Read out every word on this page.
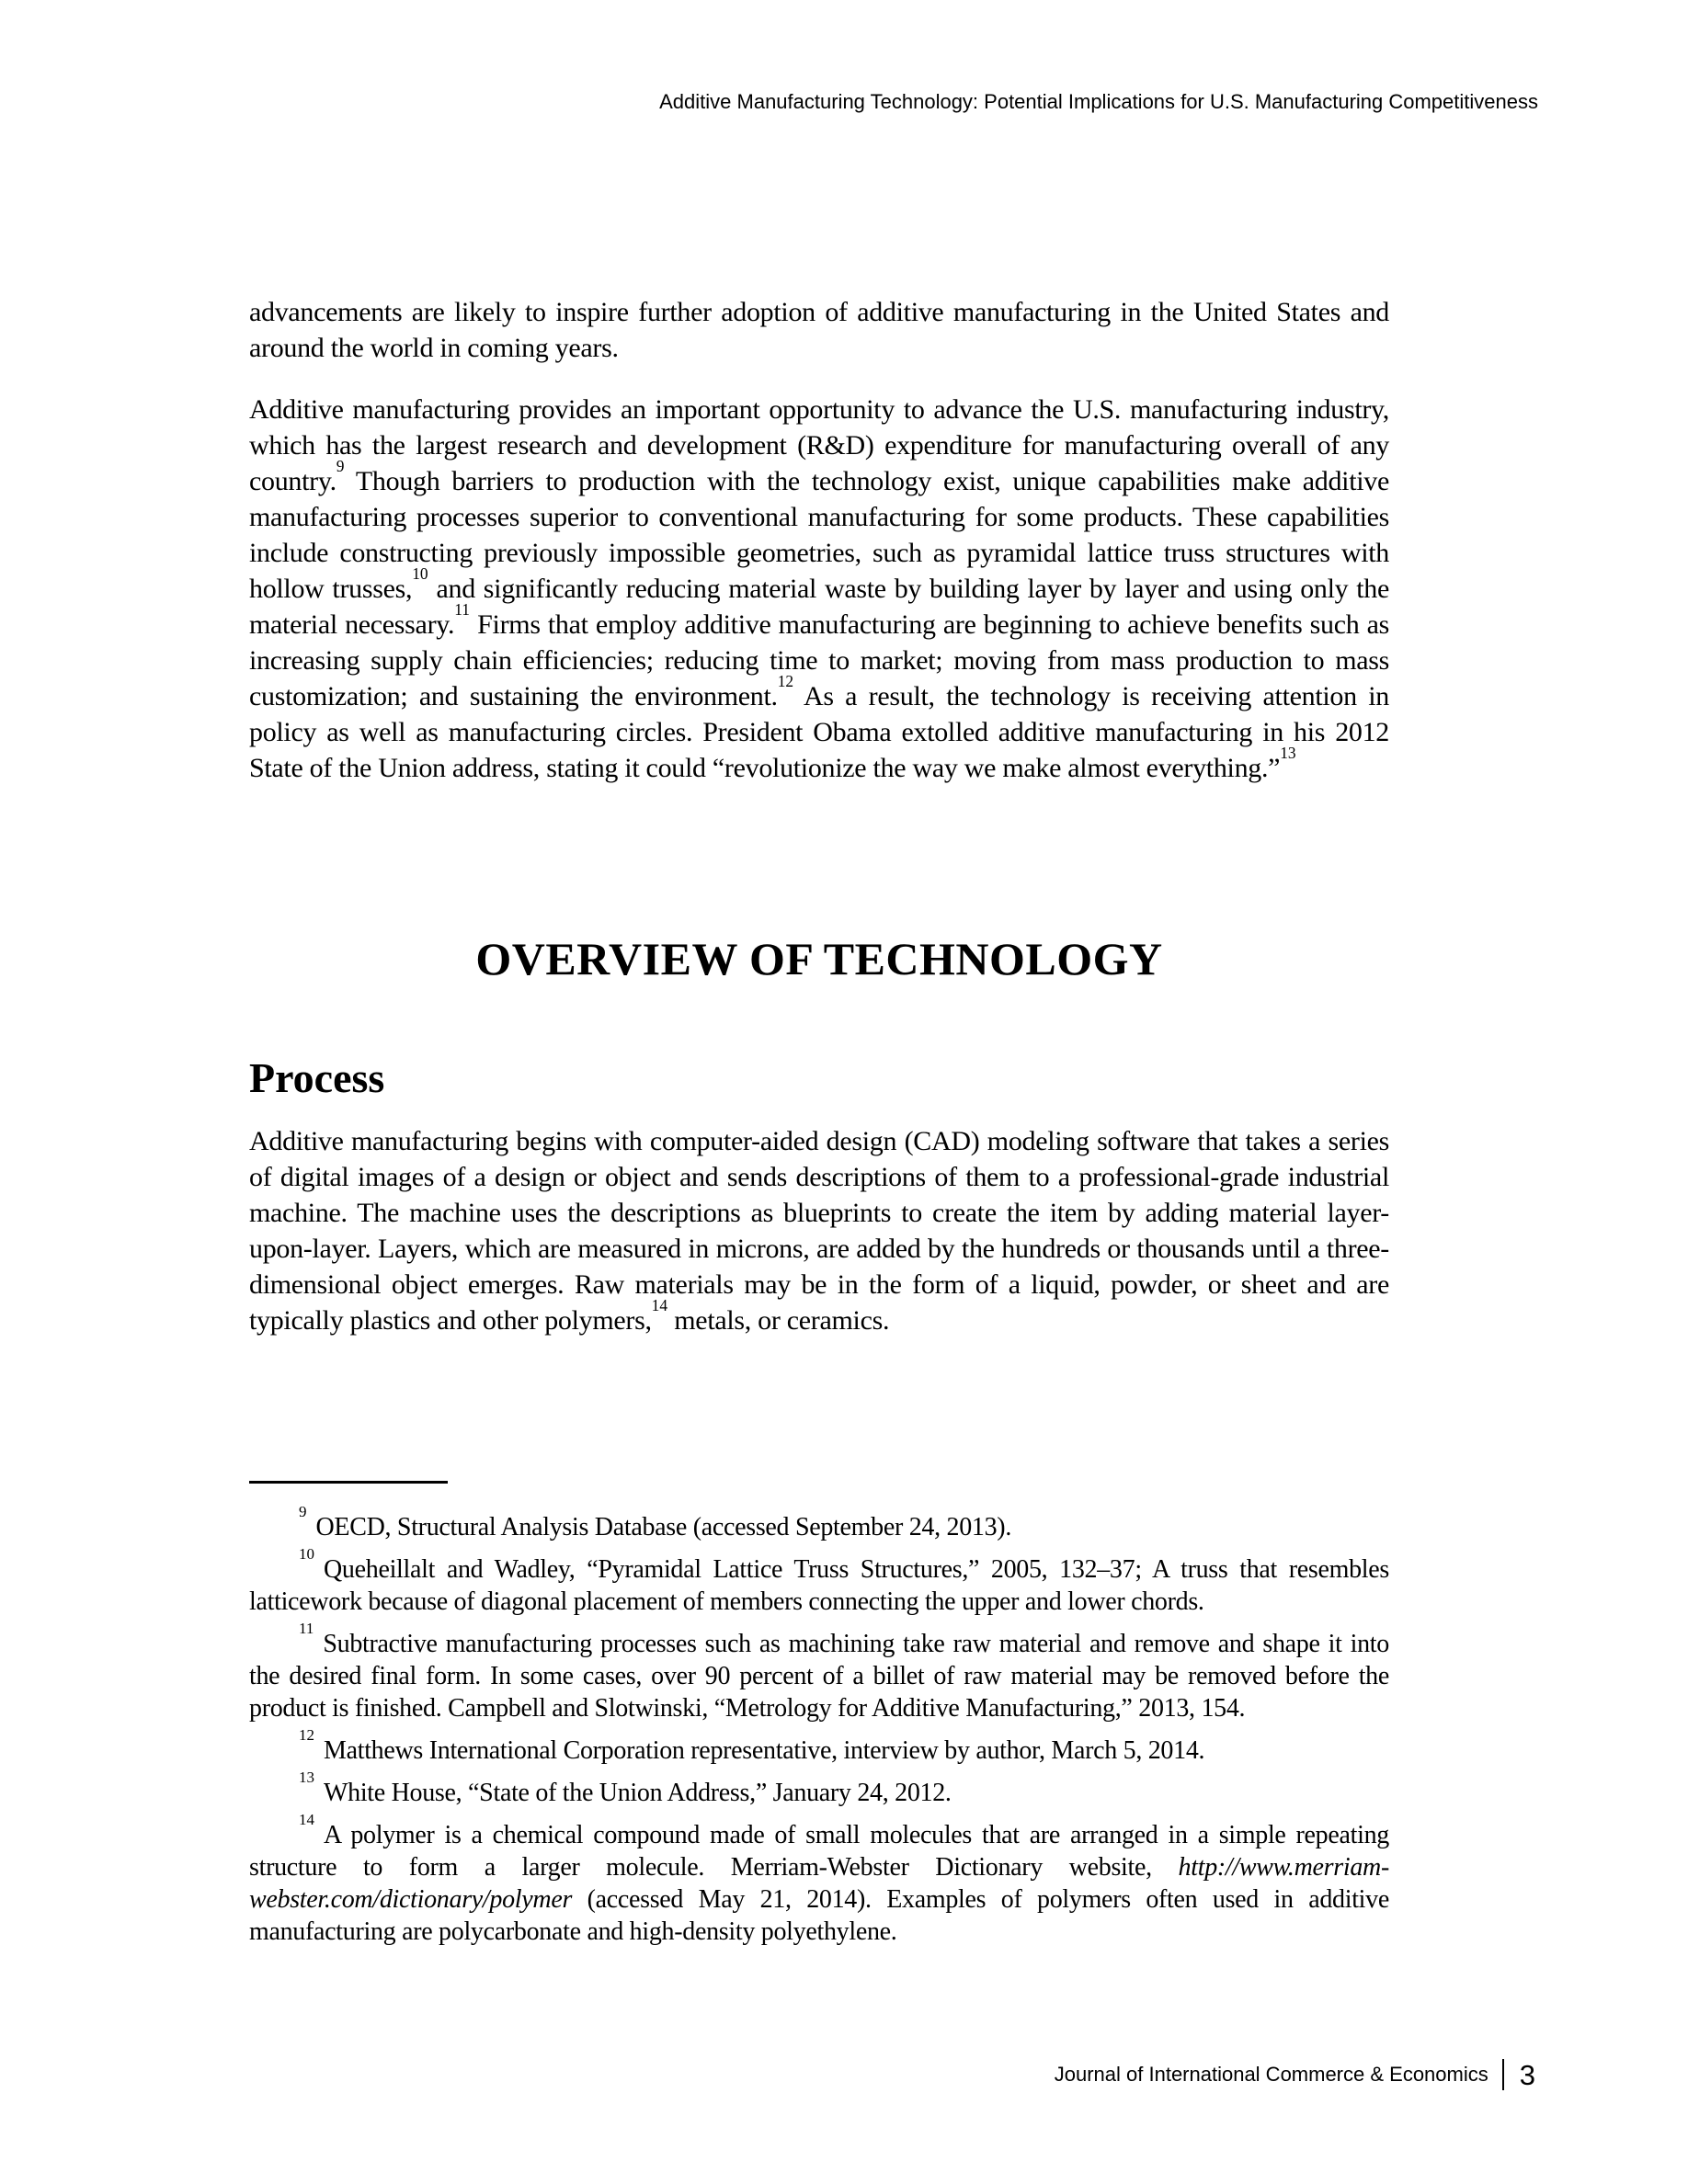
Additive Manufacturing Technology: Potential Implications for U.S. Manufacturing Competitiveness

advancements are likely to inspire further adoption of additive manufacturing in the United States and around the world in coming years.

Additive manufacturing provides an important opportunity to advance the U.S. manufacturing industry, which has the largest research and development (R&D) expenditure for manufacturing overall of any country.$^9$ Though barriers to production with the technology exist, unique capabilities make additive manufacturing processes superior to conventional manufacturing for some products. These capabilities include constructing previously impossible geometries, such as pyramidal lattice truss structures with hollow trusses,$^{10}$ and significantly reducing material waste by building layer by layer and using only the material necessary.$^{11}$ Firms that employ additive manufacturing are beginning to achieve benefits such as increasing supply chain efficiencies; reducing time to market; moving from mass production to mass customization; and sustaining the environment.$^{12}$ As a result, the technology is receiving attention in policy as well as manufacturing circles. President Obama extolled additive manufacturing in his 2012 State of the Union address, stating it could “revolutionize the way we make almost everything.”$^{13}$

OVERVIEW OF TECHNOLOGY
Process

Additive manufacturing begins with computer-aided design (CAD) modeling software that takes a series of digital images of a design or object and sends descriptions of them to a professional-grade industrial machine. The machine uses the descriptions as blueprints to create the item by adding material layer-upon-layer. Layers, which are measured in microns, are added by the hundreds or thousands until a three-dimensional object emerges. Raw materials may be in the form of a liquid, powder, or sheet and are typically plastics and other polymers,$^{14}$ metals, or ceramics.

$^9$OECD, Structural Analysis Database (accessed September 24, 2013).

$^{10}$Queheillalt and Wadley, “Pyramidal Lattice Truss Structures,” 2005, 132–37; A truss that resembles latticework because of diagonal placement of members connecting the upper and lower chords.

$^{11}$Subtractive manufacturing processes such as machining take raw material and remove and shape it into the desired final form. In some cases, over 90 percent of a billet of raw material may be removed before the product is finished. Campbell and Slotwinski, “Metrology for Additive Manufacturing,” 2013, 154.

$^{12}$Matthews International Corporation representative, interview by author, March 5, 2014.

$^{13}$White House, “State of the Union Address,” January 24, 2012.

$^{14}$A polymer is a chemical compound made of small molecules that are arranged in a simple repeating structure to form a larger molecule. Merriam-Webster Dictionary website, http://www.merriam-webster.com/dictionary/polymer (accessed May 21, 2014). Examples of polymers often used in additive manufacturing are polycarbonate and high-density polyethylene.

Journal of International Commerce & Economics 3
